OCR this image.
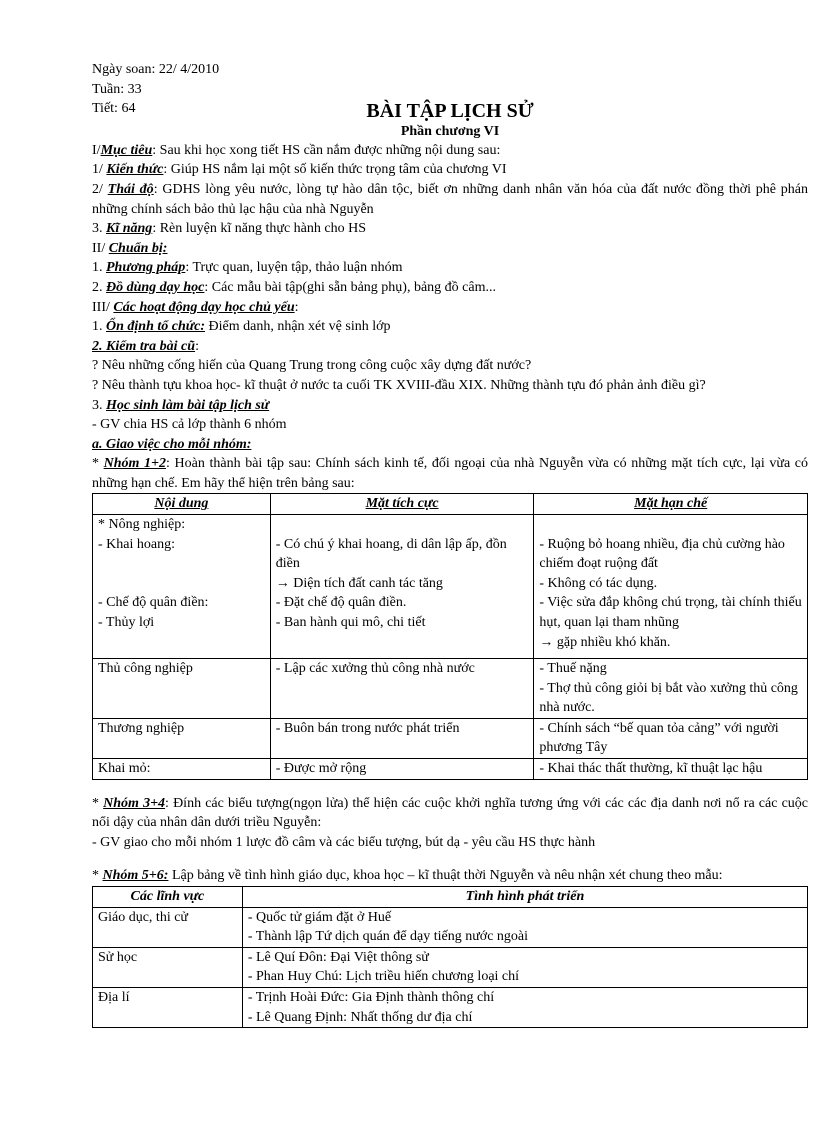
Ngày soan: 22/ 4/2010
Tuần: 33
Tiết: 64	BÀI TẬP LỊCH SỬ
Phần chương VI
I/Mục tiêu: Sau khi học xong tiết HS cần nắm được những nội dung sau:
1/ Kiến thức: Giúp HS nắm lại một số kiến thức trọng tâm của chương VI
2/ Thái độ: GDHS lòng yêu nước, lòng tự hào dân tộc, biết ơn những danh nhân văn hóa của đất nước đồng thời phê phán những chính sách bảo thủ lạc hậu của nhà Nguyễn
3. Kĩ năng: Rèn luyện kĩ năng thực hành cho HS
II/ Chuẩn bị:
1. Phương pháp: Trực quan, luyện tập, thảo luận nhóm
2. Đồ dùng dạy học: Các mẫu bài tập(ghi sẵn bảng phụ), bảng đồ câm...
III/ Các hoạt động dạy học chủ yếu:
1. Ổn định tổ chức: Điểm danh, nhận xét vệ sinh lớp
2. Kiểm tra bài cũ:
? Nêu những cống hiến của Quang Trung trong công cuộc xây dựng đất nước?
? Nêu thành tựu khoa học- kĩ thuật ở nước ta cuối TK XVIII-đầu XIX. Những thành tựu đó phản ảnh điều gì?
3. Học sinh làm bài tập lịch sử
- GV chia HS cả lớp thành 6 nhóm
a. Giao việc cho mỗi nhóm:
* Nhóm 1+2: Hoàn thành bài tập sau: Chính sách kinh tế, đối ngoại của nhà Nguyễn vừa có những mặt tích cực, lại vừa có những hạn chế. Em hãy thể hiện trên bảng sau:
Nội dung	Mặt tích cực	Mặt hạn chế

* Nông nghiệp:
- Khai hoang:
- Chế độ quân điền:
- Thủy lợi	- Có chú ý khai hoang, di dân lập ấp, đồn điền
→ Diện tích đất canh tác tăng
- Đặt chế độ quân điền.
- Ban hành qui mô, chi tiết	- Ruộng bỏ hoang nhiều, địa chủ cường hào chiếm đoạt ruộng đất
- Không có tác dụng.
- Việc sửa đắp không chú trọng, tài chính thiếu hụt, quan lại tham nhũng
→ gặp nhiều khó khăn.

Thủ công nghiệp	- Lập các xưởng thủ công nhà nước	- Thuế nặng
- Thợ thủ công giỏi bị bắt vào xưởng thủ công nhà nước.

Thương nghiệp	- Buôn bán trong nước phát triển	- Chính sách “bế quan tỏa cảng” với người phương Tây
Khai mỏ:	- Được mở rộng	- Khai thác thất thường, kĩ thuật lạc hậu
* Nhóm 3+4: Đính các biểu tượng(ngọn lửa) thể hiện các cuộc khởi nghĩa tương ứng với các các địa danh nơi nổ ra các cuộc nổi dậy của nhân dân dưới triều Nguyễn:
- GV giao cho mỗi nhóm 1 lược đồ câm và các biểu tượng, bút dạ - yêu cầu HS thực hành
* Nhóm 5+6: Lập bảng về tình hình giáo dục, khoa học – kĩ thuật thời Nguyễn và nêu nhận xét chung theo mẫu:
Các lĩnh vực	Tình hình phát triển
Giáo dục, thi cử	- Quốc tử giám đặt ở Huế
- Thành lập Tứ dịch quán để dạy tiếng nước ngoài

Sử học	- Lê Quí Đôn: Đại Việt thông sử
- Phan Huy Chú: Lịch triều hiến chương loại chí

Địa lí	- Trịnh Hoài Đức: Gia Định thành thông chí
- Lê Quang Định: Nhất thống dư địa chí
